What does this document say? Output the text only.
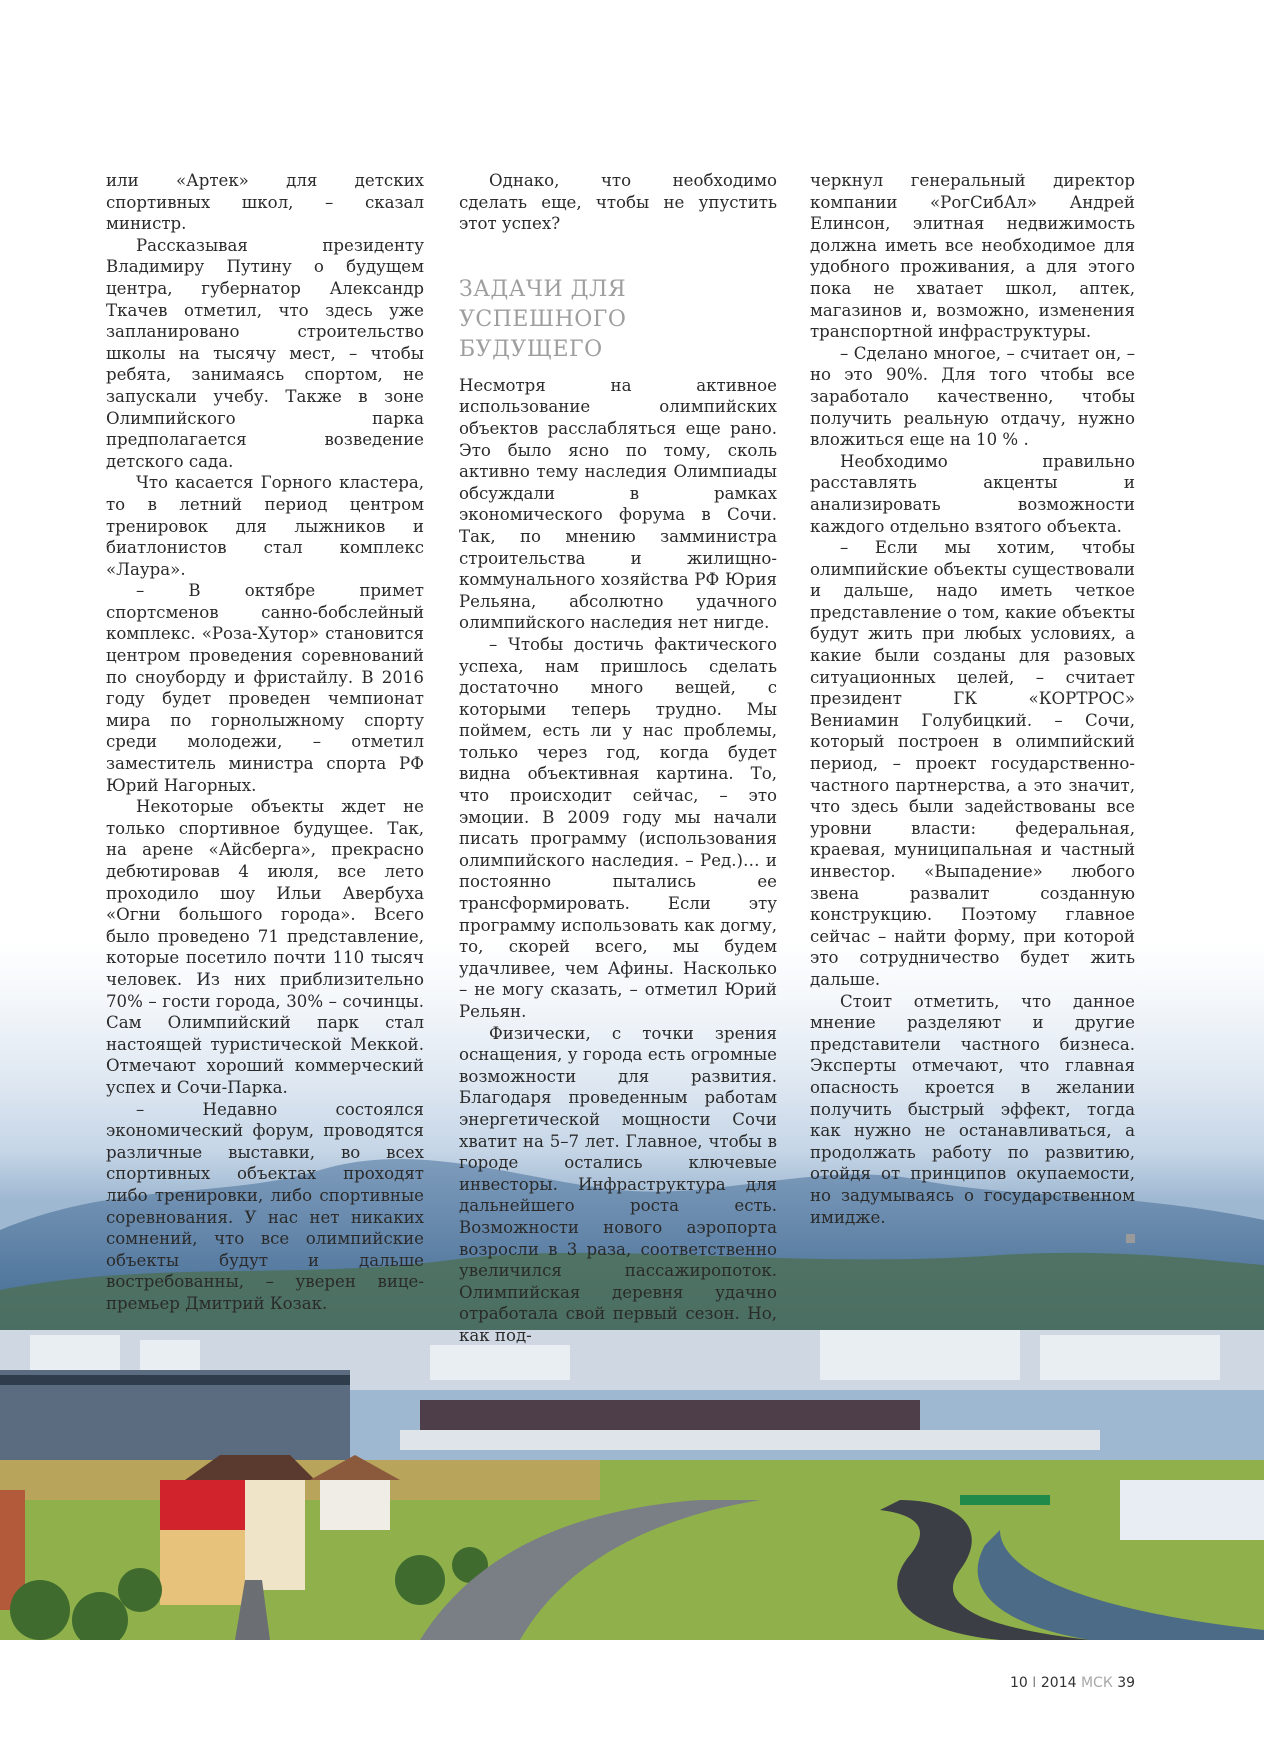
или «Артек» для детских спортивных школ, – сказал министр.

Рассказывая президенту Владимиру Путину о будущем центра, губернатор Александр Ткачев отметил, что здесь уже запланировано строительство школы на тысячу мест, – чтобы ребята, занимаясь спортом, не запускали учебу. Также в зоне Олимпийского парка предполагается возведение детского сада.

Что касается Горного кластера, то в летний период центром тренировок для лыжников и биатлонистов стал комплекс «Лаура».

– В октябре примет спортсменов санно-бобслейный комплекс. «Роза-Хутор» становится центром проведения соревнований по сноуборду и фристайлу. В 2016 году будет проведен чемпионат мира по горнолыжному спорту среди молодежи, – отметил заместитель министра спорта РФ Юрий Нагорных.

Некоторые объекты ждет не только спортивное будущее. Так, на арене «Айсберга», прекрасно дебютировав 4 июля, все лето проходило шоу Ильи Авербуха «Огни большого города». Всего было проведено 71 представление, которые посетило почти 110 тысяч человек. Из них приблизительно 70% – гости города, 30% – сочинцы. Сам Олимпийский парк стал настоящей туристической Меккой. Отмечают хороший коммерческий успех и Сочи-Парка.

– Недавно состоялся экономический форум, проводятся различные выставки, во всех спортивных объектах проходят либо тренировки, либо спортивные соревнования. У нас нет никаких сомнений, что все олимпийские объекты будут и дальше востребованны, – уверен вице-премьер Дмитрий Козак.

Однако, что необходимо сделать еще, чтобы не упустить этот успех?

ЗАДАЧИ ДЛЯ УСПЕШНОГО БУДУЩЕГО

Несмотря на активное использование олимпийских объектов расслабляться еще рано. Это было ясно по тому, сколь активно тему наследия Олимпиады обсуждали в рамках экономического форума в Сочи. Так, по мнению замминистра строительства и жилищно-коммунального хозяйства РФ Юрия Рельяна, абсолютно удачного олимпийского наследия нет нигде.

– Чтобы достичь фактического успеха, нам пришлось сделать достаточно много вещей, с которыми теперь трудно. Мы поймем, есть ли у нас проблемы, только через год, когда будет видна объективная картина. То, что происходит сейчас, – это эмоции. В 2009 году мы начали писать программу (использования олимпийского наследия. – Ред.)… и постоянно пытались ее трансформировать. Если эту программу использовать как догму, то, скорей всего, мы будем удачливее, чем Афины. Насколько – не могу сказать, – отметил Юрий Рельян.

Физически, с точки зрения оснащения, у города есть огромные возможности для развития. Благодаря проведенным работам энергетической мощности Сочи хватит на 5–7 лет. Главное, чтобы в городе остались ключевые инвесторы. Инфраструктура для дальнейшего роста есть. Возможности нового аэропорта возросли в 3 раза, соответственно увеличился пассажиропоток. Олимпийская деревня удачно отработала свой первый сезон. Но, как под-

черкнул генеральный директор компании «РогСибАл» Андрей Елинсон, элитная недвижимость должна иметь все необходимое для удобного проживания, а для этого пока не хватает школ, аптек, магазинов и, возможно, изменения транспортной инфраструктуры.

– Сделано многое, – считает он, – но это 90%. Для того чтобы все заработало качественно, чтобы получить реальную отдачу, нужно вложиться еще на 10 % .

Необходимо правильно расставлять акценты и анализировать возможности каждого отдельно взятого объекта.

– Если мы хотим, чтобы олимпийские объекты существовали и дальше, надо иметь четкое представление о том, какие объекты будут жить при любых условиях, а какие были созданы для разовых ситуационных целей, – считает президент ГК «КОРТРОС» Вениамин Голубицкий. – Сочи, который построен в олимпийский период, – проект государственно-частного партнерства, а это значит, что здесь были задействованы все уровни власти: федеральная, краевая, муниципальная и частный инвестор. «Выпадение» любого звена развалит созданную конструкцию. Поэтому главное сейчас – найти форму, при которой это сотрудничество будет жить дальше.

Стоит отметить, что данное мнение разделяют и другие представители частного бизнеса. Эксперты отмечают, что главная опасность кроется в желании получить быстрый эффект, тогда как нужно не останавливаться, а продолжать работу по развитию, отойдя от принципов окупаемости, но задумываясь о государственном имидже.

10 I 2014 МСК 39
